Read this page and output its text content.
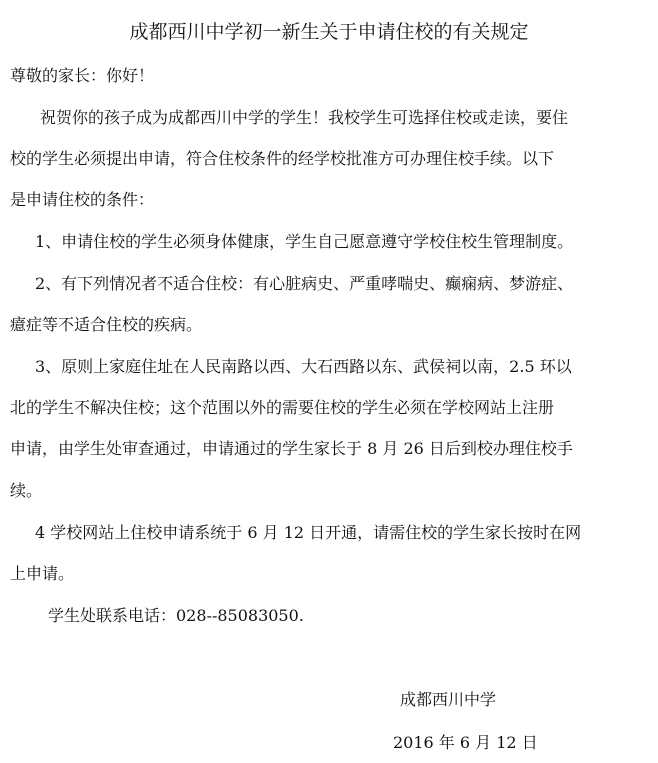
成都西川中学初一新生关于申请住校的有关规定
尊敬的家长：你好！
祝贺你的孩子成为成都西川中学的学生！我校学生可选择住校或走读，要住
校的学生必须提出申请，符合住校条件的经学校批准方可办理住校手续。以下
是申请住校的条件：
1、申请住校的学生必须身体健康，学生自己愿意遵守学校住校生管理制度。
2、有下列情况者不适合住校：有心脏病史、严重哮喘史、癫痫病、梦游症、
癔症等不适合住校的疾病。
3、原则上家庭住址在人民南路以西、大石西路以东、武侯祠以南，2.5 环以
北的学生不解决住校；这个范围以外的需要住校的学生必须在学校网站上注册
申请，由学生处审查通过，申请通过的学生家长于 8 月 26 日后到校办理住校手
续。
4 学校网站上住校申请系统于 6 月 12 日开通，请需住校的学生家长按时在网
上申请。
学生处联系电话：028--85083050.
成都西川中学
2016 年 6 月 12 日
